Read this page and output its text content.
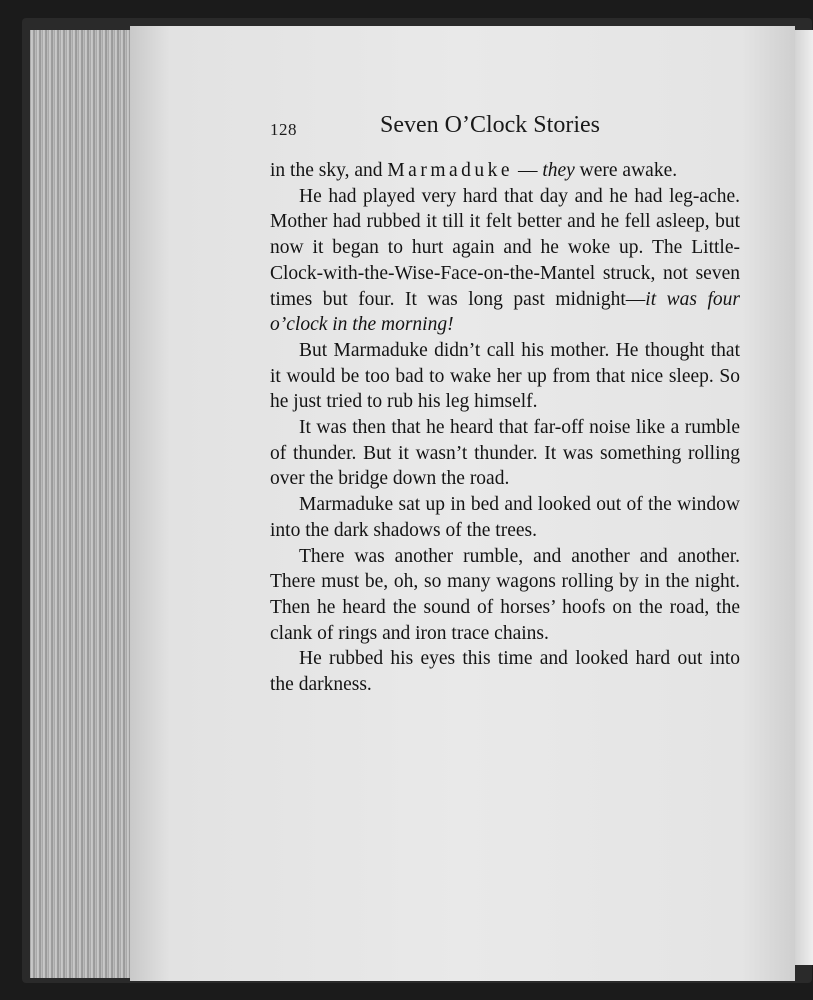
128	Seven O’Clock Stories

in the sky, and Marmaduke — they were awake.

He had played very hard that day and he had leg-ache. Mother had rubbed it till it felt better and he fell asleep, but now it began to hurt again and he woke up. The Little-Clock-with-the-Wise-Face-on-the-Mantel struck, not seven times but four. It was long past midnight—it was four o’clock in the morning!

But Marmaduke didn’t call his mother. He thought that it would be too bad to wake her up from that nice sleep. So he just tried to rub his leg himself.

It was then that he heard that far-off noise like a rumble of thunder. But it wasn’t thunder. It was something rolling over the bridge down the road.

Marmaduke sat up in bed and looked out of the window into the dark shadows of the trees.

There was another rumble, and another and another. There must be, oh, so many wagons rolling by in the night. Then he heard the sound of horses’ hoofs on the road, the clank of rings and iron trace chains.

He rubbed his eyes this time and looked hard out into the darkness.
